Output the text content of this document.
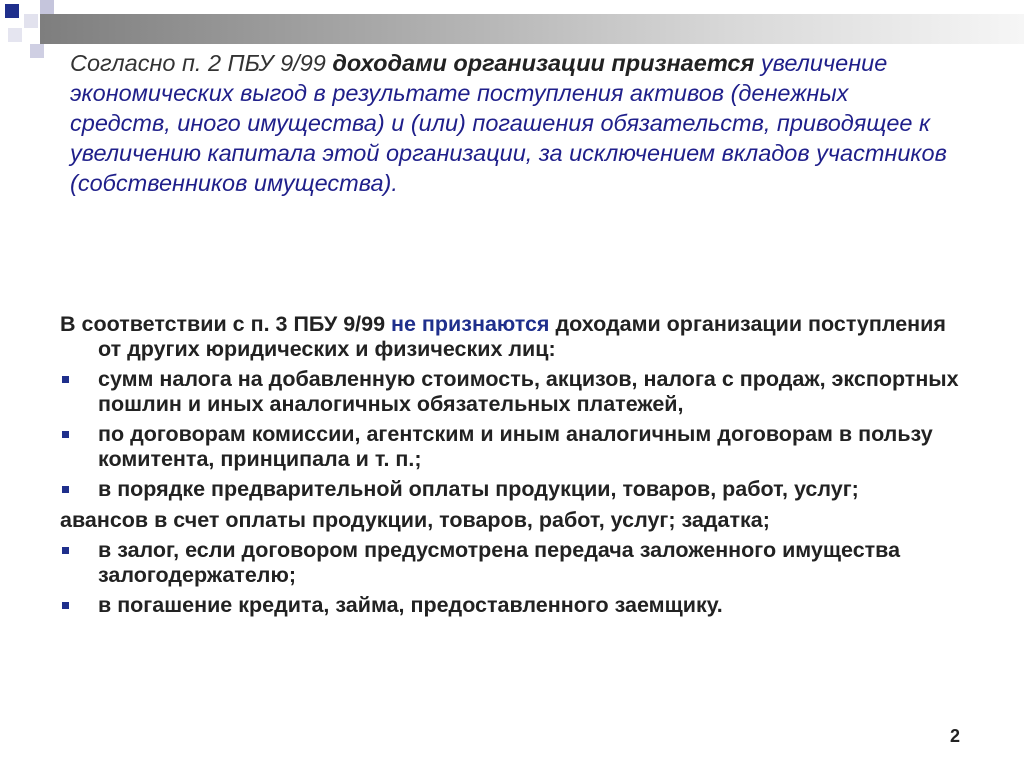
Согласно п. 2 ПБУ 9/99 доходами организации признается увеличение экономических выгод в результате поступления активов (денежных средств, иного имущества) и (или) погашения обязательств, приводящее к увеличению капитала этой организации, за исключением вкладов участников (собственников имущества).

В соответствии с п. 3 ПБУ 9/99 не признаются доходами организации поступления от других юридических и физических лиц:

сумм налога на добавленную стоимость, акцизов, налога с продаж, экспортных пошлин и иных аналогичных обязательных платежей,

по договорам комиссии, агентским и иным аналогичным договорам в пользу комитента, принципала и т. п.;

в порядке предварительной оплаты продукции, товаров, работ, услуг;

авансов в счет оплаты продукции, товаров, работ, услуг; задатка;

в залог, если договором предусмотрена передача заложенного имущества залогодержателю;

в погашение кредита, займа, предоставленного заемщику.

2
